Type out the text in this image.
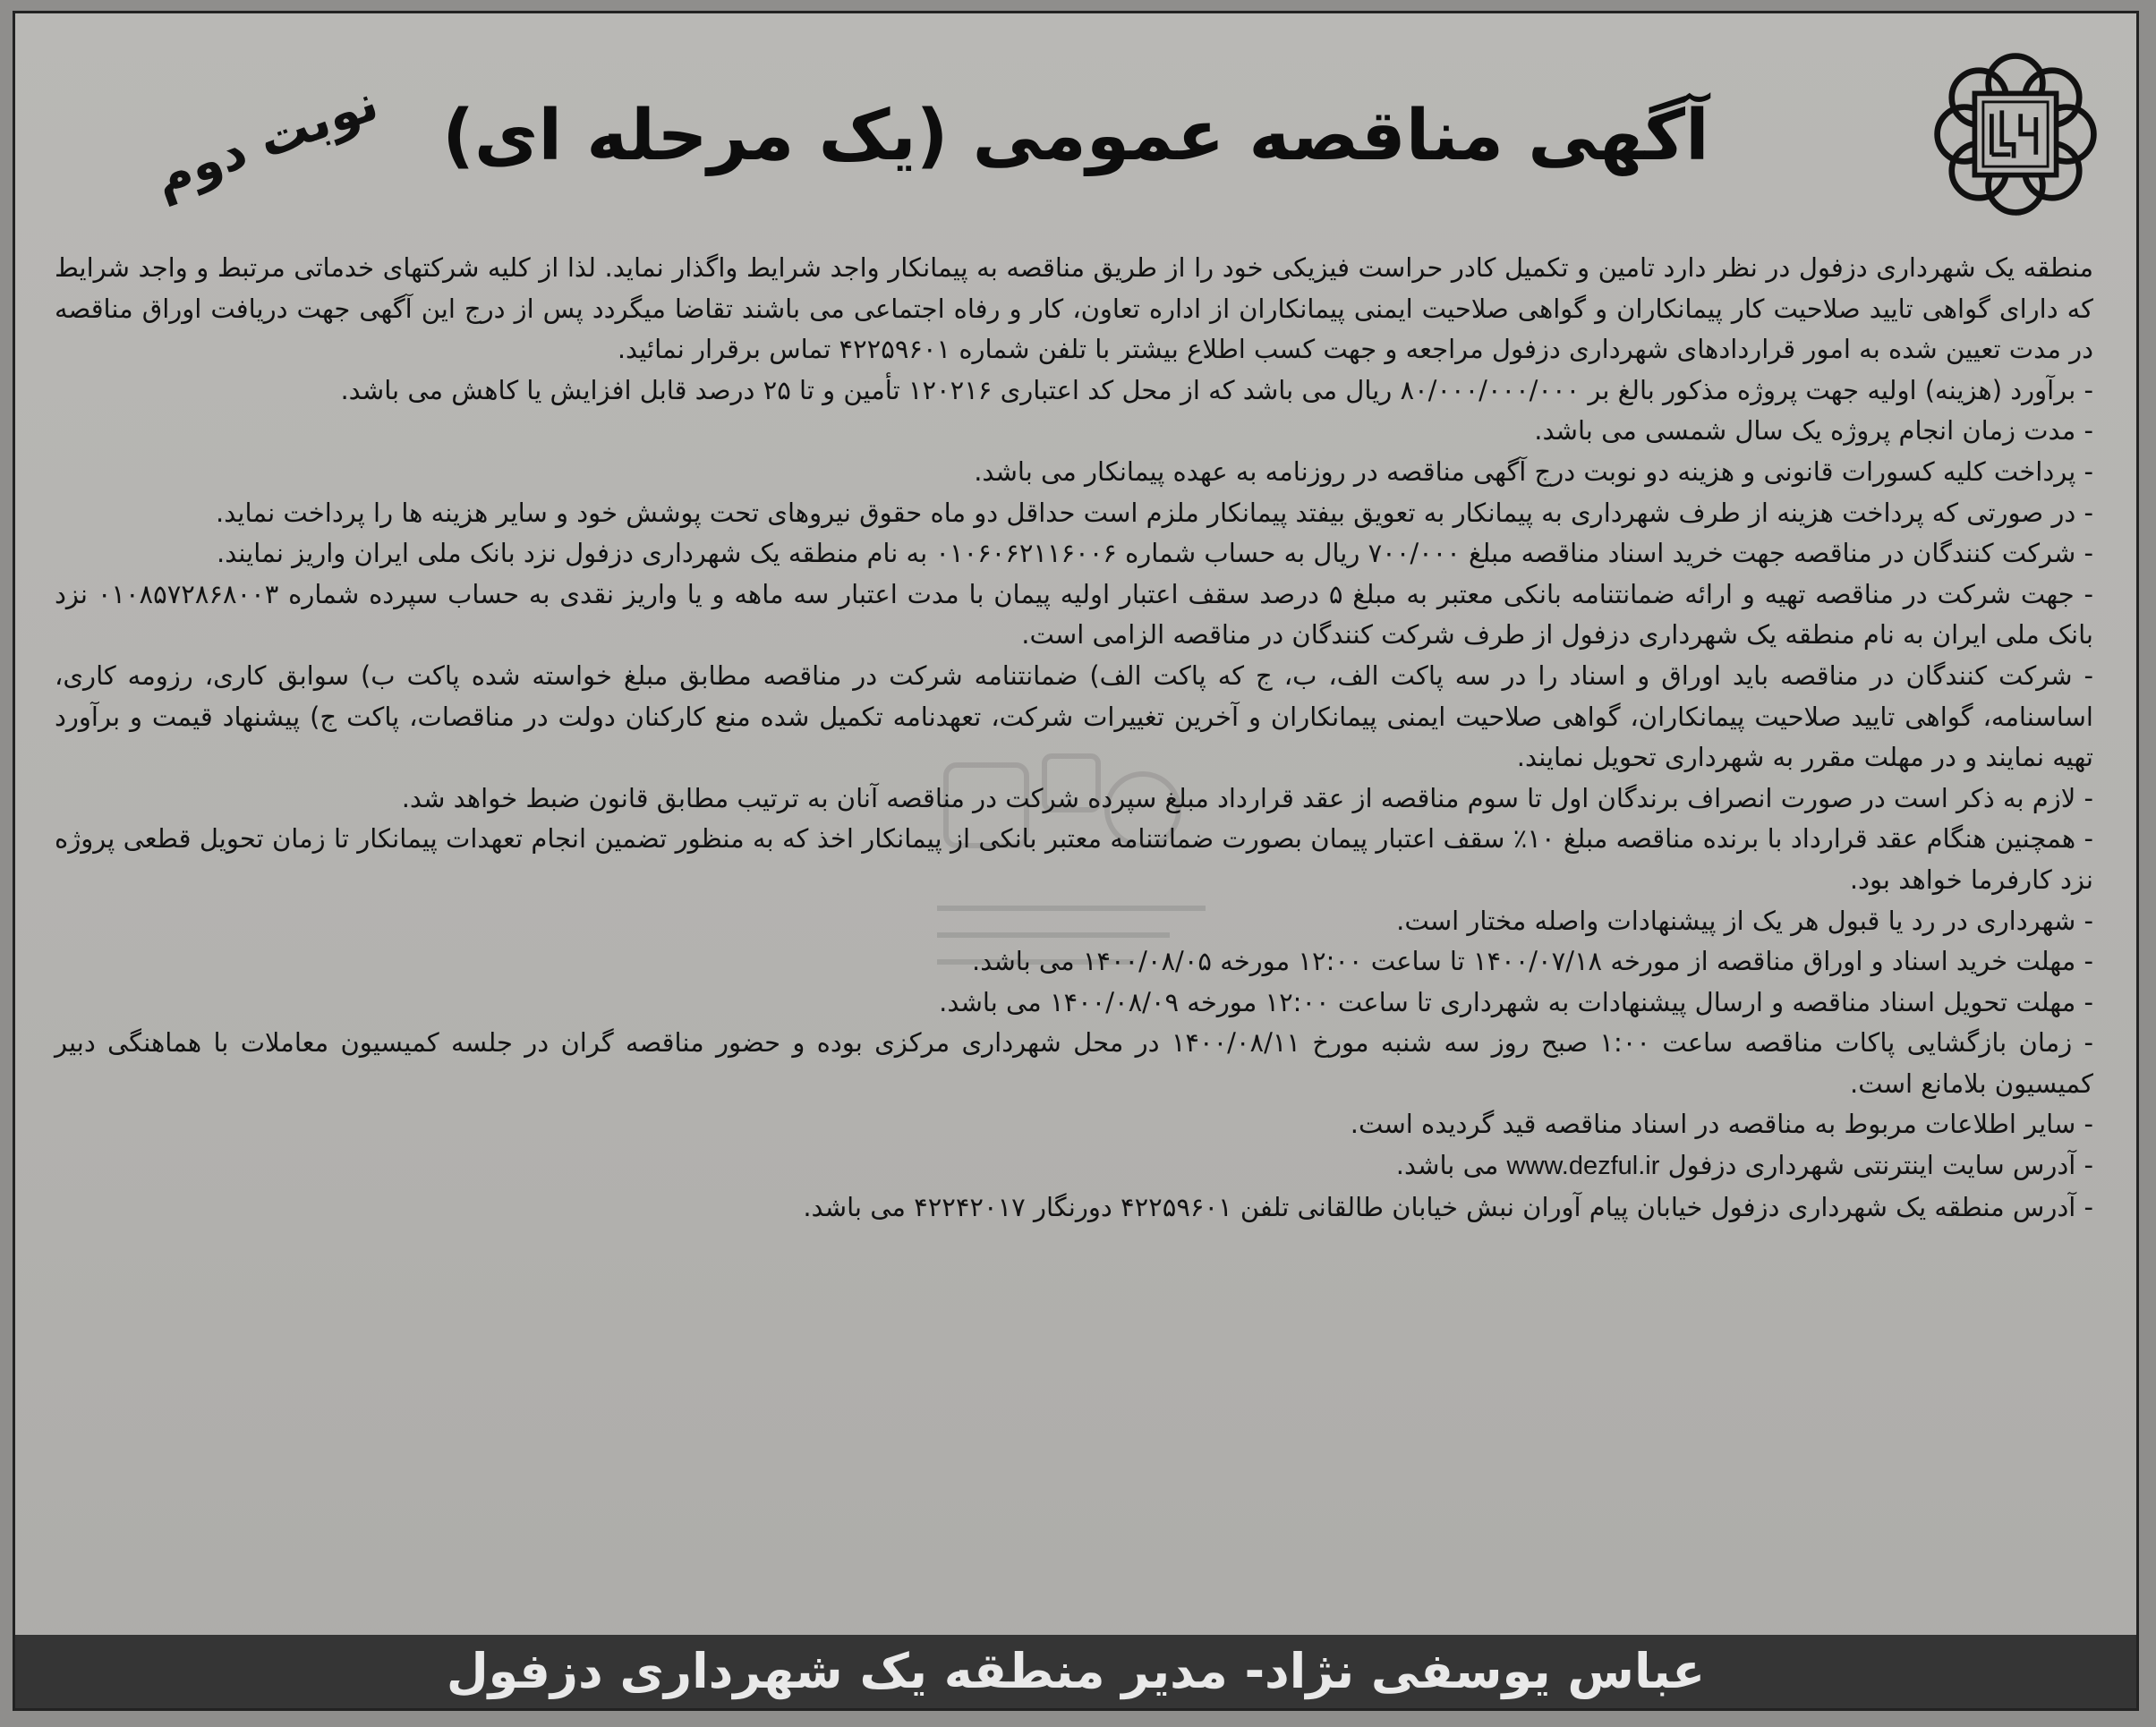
شهرداری دزفول
نوبت دوم آگهی مناقصه عمومی (یک مرحله ای)

منطقه یک شهرداری دزفول در نظر دارد تامین و تکمیل کادر حراست فیزیکی خود را از طریق مناقصه به پیمانکار واجد شرایط واگذار نماید. لذا از کلیه شرکتهای خدماتی مرتبط و واجد شرایط که دارای گواهی تایید صلاحیت کار پیمانکاران و گواهی صلاحیت ایمنی پیمانکاران از اداره تعاون، کار و رفاه اجتماعی می باشند تقاضا میگردد پس از درج این آگهی جهت دریافت اوراق مناقصه در مدت تعیین شده به امور قراردادهای شهرداری دزفول مراجعه و جهت کسب اطلاع بیشتر با تلفن شماره ۴۲۲۵۹۶۰۱ تماس برقرار نمائید.

- برآورد (هزینه) اولیه جهت پروژه مذکور بالغ بر ۸۰/۰۰۰/۰۰۰/۰۰۰ ریال می باشد که از محل کد اعتباری ۱۲۰۲۱۶ تأمین و تا ۲۵ درصد قابل افزایش یا کاهش می باشد.

- مدت زمان انجام پروژه یک سال شمسی می باشد.

- پرداخت کلیه کسورات قانونی و هزینه دو نوبت درج آگهی مناقصه در روزنامه به عهده پیمانکار می باشد.

- در صورتی که پرداخت هزینه از طرف شهرداری به پیمانکار به تعویق بیفتد پیمانکار ملزم است حداقل دو ماه حقوق نیروهای تحت پوشش خود و سایر هزینه ها را پرداخت نماید.

- شرکت کنندگان در مناقصه جهت خرید اسناد مناقصه مبلغ ۷۰۰/۰۰۰ ریال به حساب شماره ۰۱۰۶۰۶۲۱۱۶۰۰۶ به نام منطقه یک شهرداری دزفول نزد بانک ملی ایران واریز نمایند.

- جهت شرکت در مناقصه تهیه و ارائه ضمانتنامه بانکی معتبر به مبلغ ۵ درصد سقف اعتبار اولیه پیمان با مدت اعتبار سه ماهه و یا واریز نقدی به حساب سپرده شماره ۰۱۰۸۵۷۲۸۶۸۰۰۳ نزد بانک ملی ایران به نام منطقه یک شهرداری دزفول از طرف شرکت کنندگان در مناقصه الزامی است.

- شرکت کنندگان در مناقصه باید اوراق و اسناد را در سه پاکت الف، ب، ج که پاکت الف) ضمانتنامه شرکت در مناقصه مطابق مبلغ خواسته شده پاکت ب) سوابق کاری، رزومه کاری، اساسنامه، گواهی تایید صلاحیت پیمانکاران، گواهی صلاحیت ایمنی پیمانکاران و آخرین تغییرات شرکت، تعهدنامه تکمیل شده منع کارکنان دولت در مناقصات، پاکت ج) پیشنهاد قیمت و برآورد تهیه نمایند و در مهلت مقرر به شهرداری تحویل نمایند.

- لازم به ذکر است در صورت انصراف برندگان اول تا سوم مناقصه از عقد قرارداد مبلغ سپرده شرکت در مناقصه آنان به ترتیب مطابق قانون ضبط خواهد شد.

- همچنین هنگام عقد قرارداد با برنده مناقصه مبلغ ۱۰٪ سقف اعتبار پیمان بصورت ضمانتنامه معتبر بانکی از پیمانکار اخذ که به منظور تضمین انجام تعهدات پیمانکار تا زمان تحویل قطعی پروژه نزد کارفرما خواهد بود.

- شهرداری در رد یا قبول هر یک از پیشنهادات واصله مختار است.

- مهلت خرید اسناد و اوراق مناقصه از مورخه ۱۴۰۰/۰۷/۱۸ تا ساعت ۱۲:۰۰ مورخه ۱۴۰۰/۰۸/۰۵ می باشد.

- مهلت تحویل اسناد مناقصه و ارسال پیشنهادات به شهرداری تا ساعت ۱۲:۰۰ مورخه ۱۴۰۰/۰۸/۰۹ می باشد.

- زمان بازگشایی پاکات مناقصه ساعت ۱:۰۰ صبح روز سه شنبه مورخ ۱۴۰۰/۰۸/۱۱ در محل شهرداری مرکزی بوده و حضور مناقصه گران در جلسه کمیسیون معاملات با هماهنگی دبیر کمیسیون بلامانع است.

- سایر اطلاعات مربوط به مناقصه در اسناد مناقصه قید گردیده است.

- آدرس سایت اینترنتی شهرداری دزفول www.dezful.ir می باشد.

- آدرس منطقه یک شهرداری دزفول خیابان پیام آوران نبش خیابان طالقانی تلفن ۴۲۲۵۹۶۰۱ دورنگار ۴۲۲۴۲۰۱۷ می باشد.

عباس یوسفی نژاد- مدیر منطقه یک شهرداری دزفول
